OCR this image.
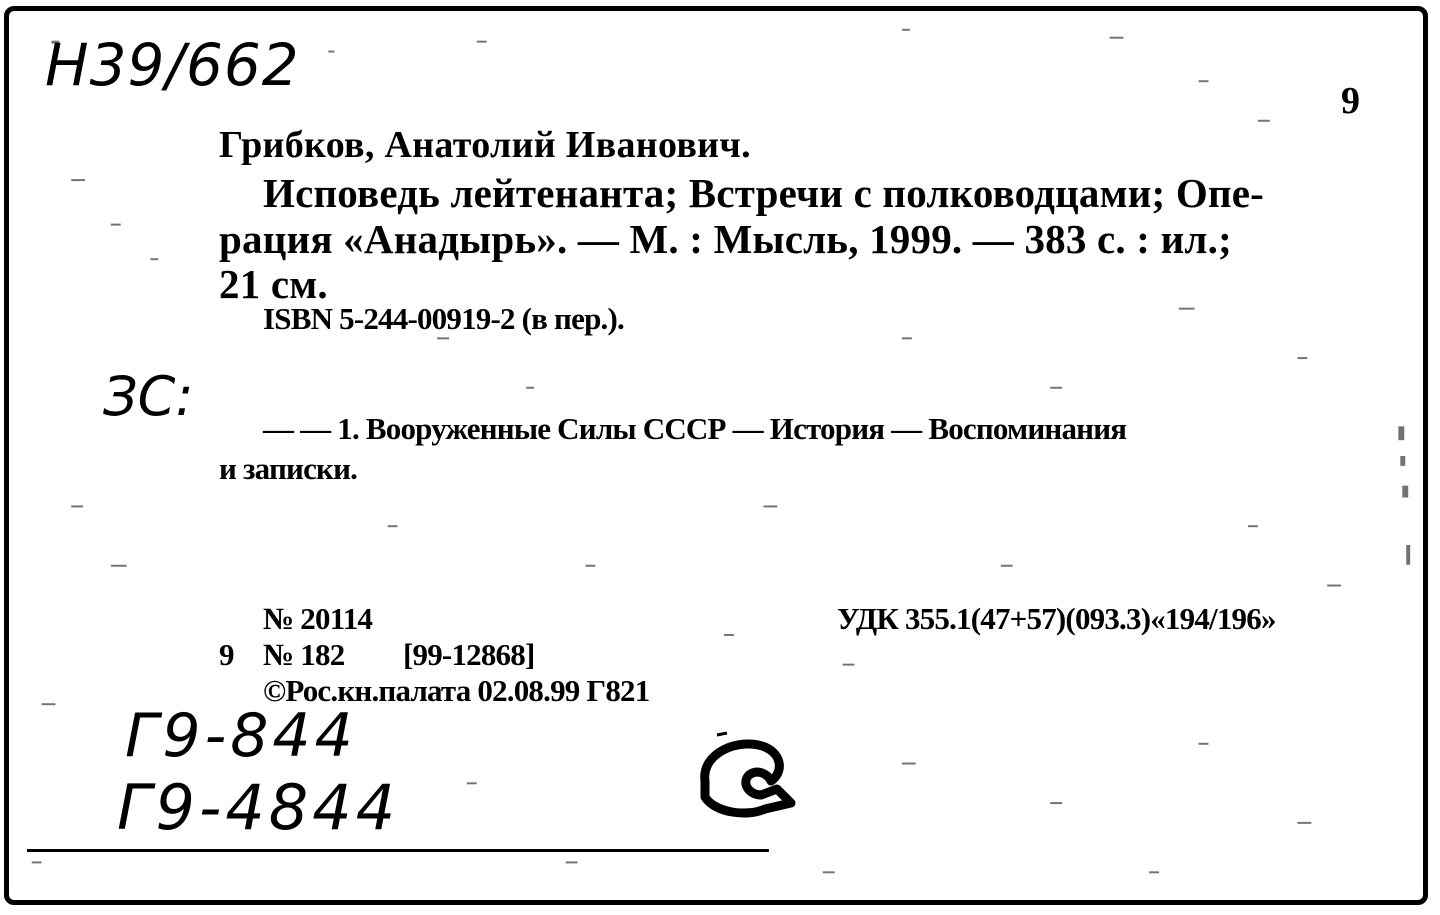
Н39/662
9
Грибков, Анатолий Иванович.
Исповедь лейтенанта; Встречи с полководцами; Опе-
рация «Анадырь». — М. : Мысль, 1999. — 383 с. : ил.;
21 см.
ISBN 5-244-00919-2 (в пер.).
ЗС:
— — 1. Вооруженные Силы СССР — История — Воспоминания
и записки.
№ 20114	УДК 355.1(47+57)(093.3)«194/196»
9 № 182 [99-12868]
©Рос.кн.палата 02.08.99 Г821
Г9-844
Г9-4844
